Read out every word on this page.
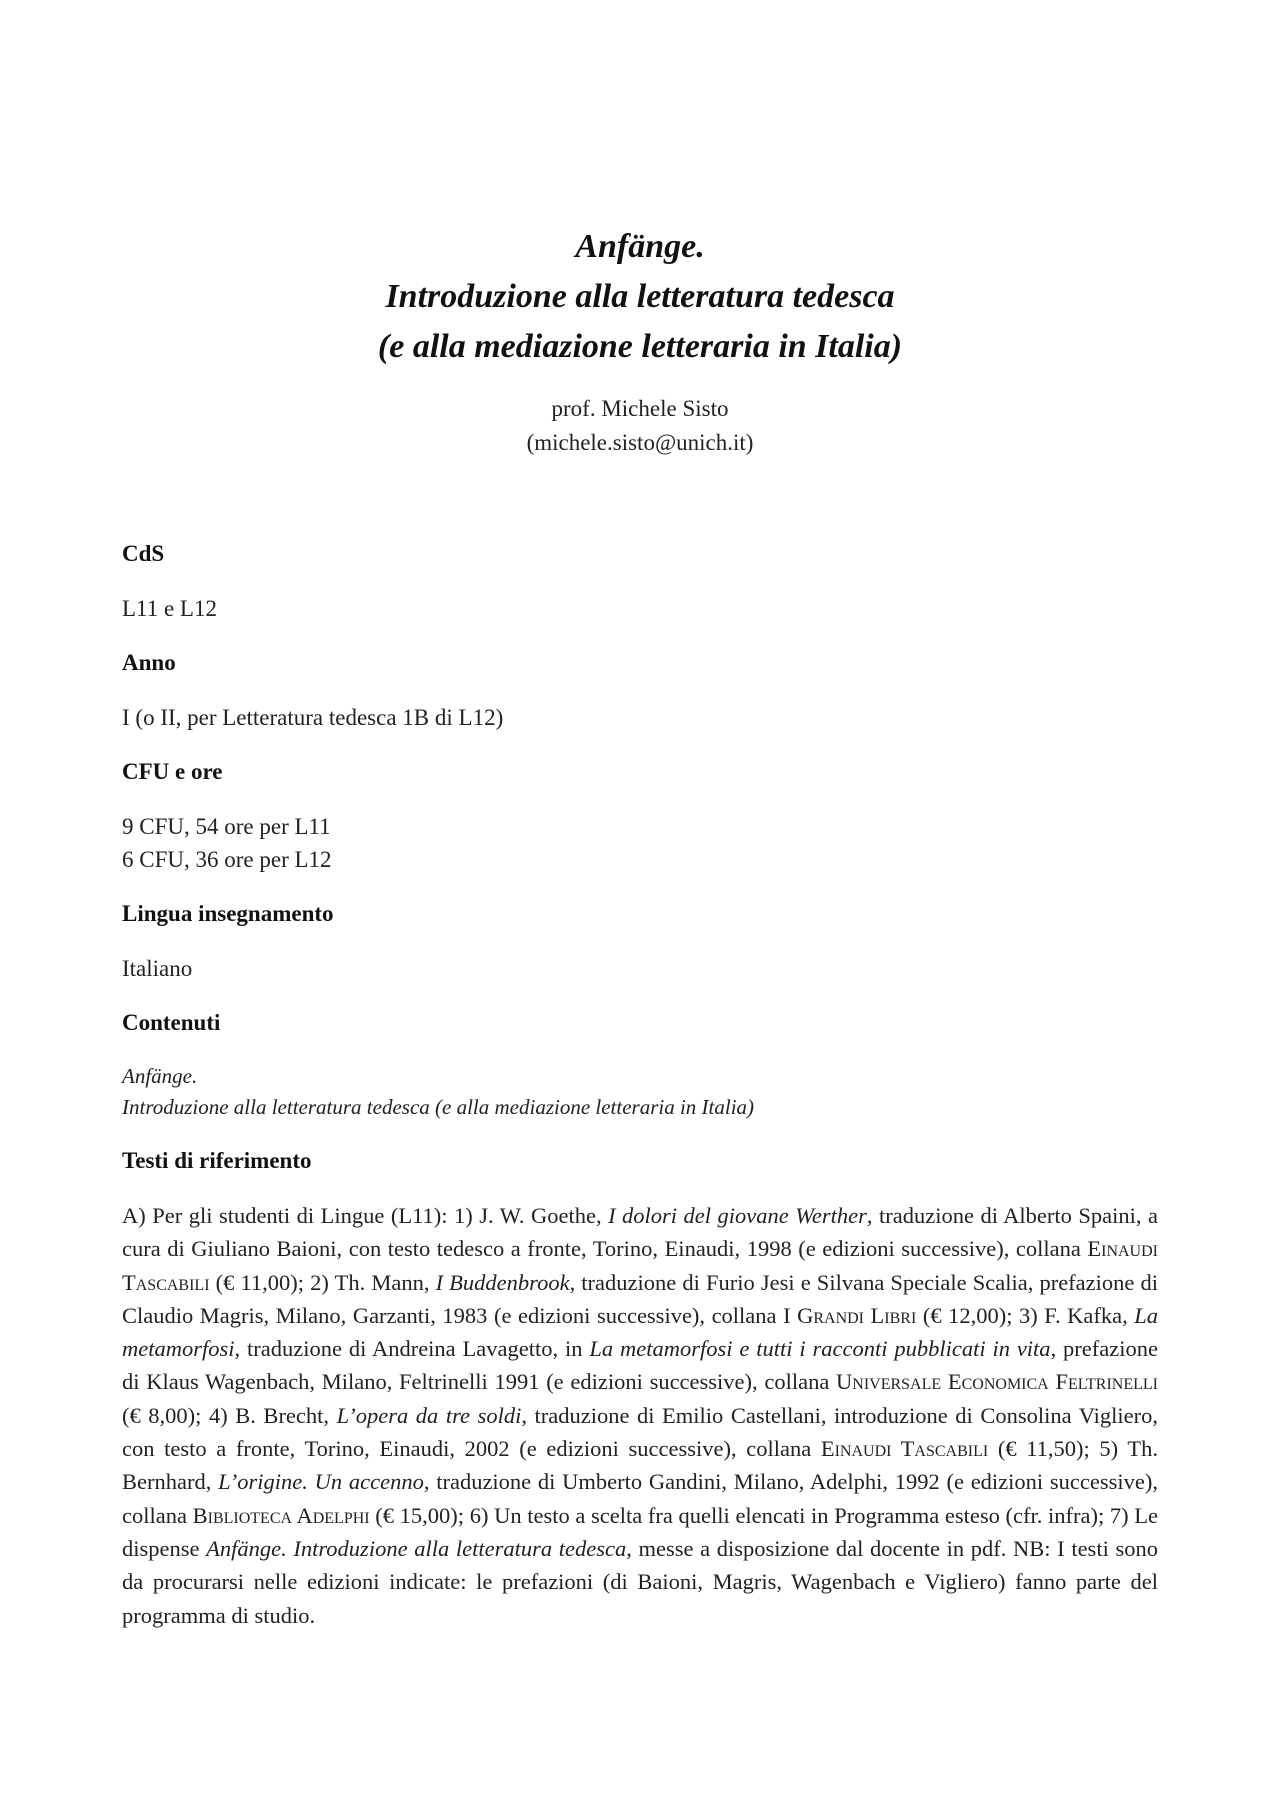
Anfänge.

Introduzione alla letteratura tedesca

(e alla mediazione letteraria in Italia)

prof. Michele Sisto
(michele.sisto@unich.it)

CdS

L11 e L12

Anno

I (o II, per Letteratura tedesca 1B di L12)

CFU e ore

9 CFU, 54 ore per L11
6 CFU, 36 ore per L12

Lingua insegnamento

Italiano

Contenuti

Anfänge.
Introduzione alla letteratura tedesca (e alla mediazione letteraria in Italia)

Testi di riferimento

A) Per gli studenti di Lingue (L11): 1) J. W. Goethe, I dolori del giovane Werther, traduzione di Alberto Spaini, a cura di Giuliano Baioni, con testo tedesco a fronte, Torino, Einaudi, 1998 (e edizioni successive), collana Einaudi Tascabili (€ 11,00); 2) Th. Mann, I Buddenbrook, traduzione di Furio Jesi e Silvana Speciale Scalia, prefazione di Claudio Magris, Milano, Garzanti, 1983 (e edizioni successive), collana I Grandi Libri (€ 12,00); 3) F. Kafka, La metamorfosi, traduzione di Andreina Lavagetto, in La metamorfosi e tutti i racconti pubblicati in vita, prefazione di Klaus Wagenbach, Milano, Feltrinelli 1991 (e edizioni successive), collana Universale Economica Feltrinelli (€ 8,00); 4) B. Brecht, L’opera da tre soldi, traduzione di Emilio Castellani, introduzione di Consolina Vigliero, con testo a fronte, Torino, Einaudi, 2002 (e edizioni successive), collana Einaudi Tascabili (€ 11,50); 5) Th. Bernhard, L’origine. Un accenno, traduzione di Umberto Gandini, Milano, Adelphi, 1992 (e edizioni successive), collana Biblioteca Adelphi (€ 15,00); 6) Un testo a scelta fra quelli elencati in Programma esteso (cfr. infra); 7) Le dispense Anfänge. Introduzione alla letteratura tedesca, messe a disposizione dal docente in pdf. NB: I testi sono da procurarsi nelle edizioni indicate: le prefazioni (di Baioni, Magris, Wagenbach e Vigliero) fanno parte del programma di studio.
